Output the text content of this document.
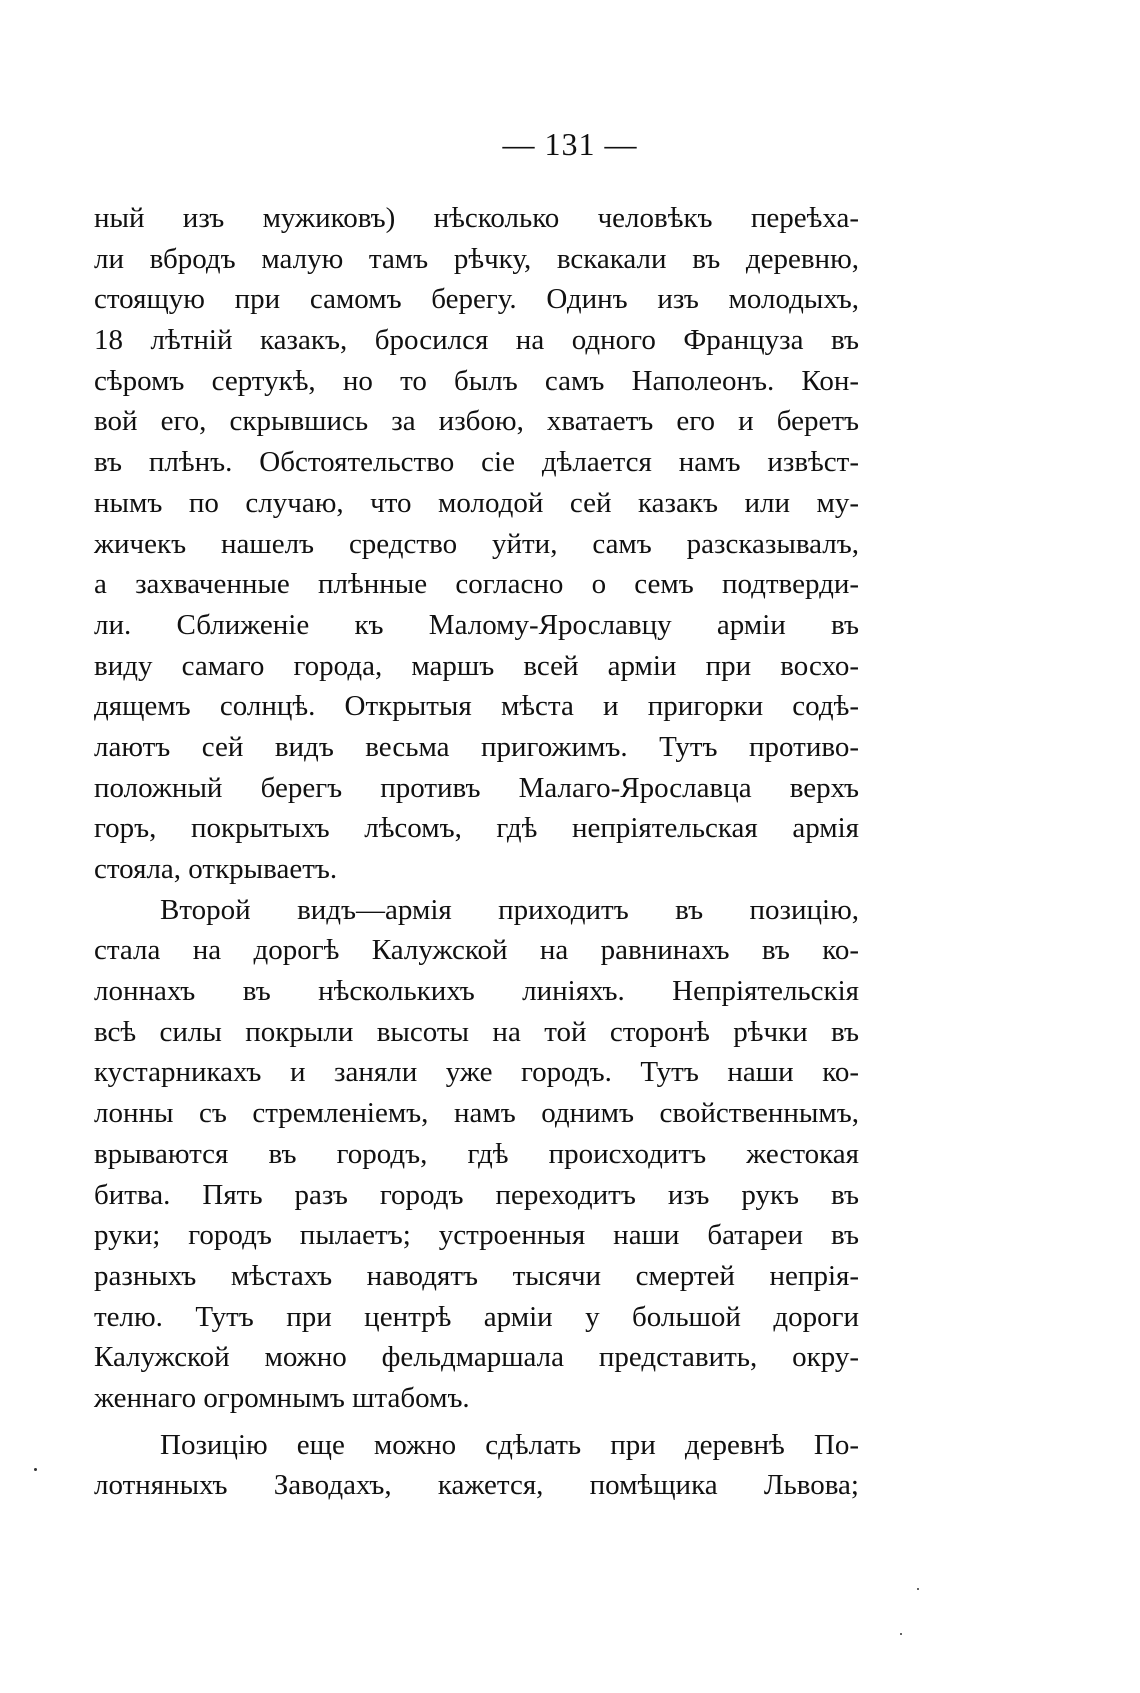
— 131 —
ный изъ мужиковъ) нѣсколько человѣкъ переѣха-
ли вбродъ малую тамъ рѣчку, вскакали въ деревню,
стоящую при самомъ берегу. Одинъ изъ молодыхъ,
18 лѣтній казакъ, бросился на одного Француза въ
сѣромъ сертукѣ, но то былъ самъ Наполеонъ. Кон-
вой его, скрывшись за избою, хватаетъ его и беретъ
въ плѣнъ. Обстоятельство сіе дѣлается намъ извѣст-
нымъ по случаю, что молодой сей казакъ или му-
жичекъ нашелъ средство уйти, самъ разсказывалъ,
а захваченные плѣнные согласно о семъ подтверди-
ли. Сближеніе къ Малому-Ярославцу арміи въ
виду самаго города, маршъ всей арміи при восхо-
дящемъ солнцѣ. Открытыя мѣста и пригорки содѣ-
лаютъ сей видъ весьма пригожимъ. Тутъ противо-
положный берегъ противъ Малаго-Ярославца верхъ
горъ, покрытыхъ лѣсомъ, гдѣ непріятельская армія
стояла, открываетъ.
Второй видъ—армія приходитъ въ позицію,
стала на дорогѣ Калужской на равнинахъ въ ко-
лоннахъ въ нѣсколькихъ линіяхъ. Непріятельскія
всѣ силы покрыли высоты на той сторонѣ рѣчки въ
кустарникахъ и заняли уже городъ. Тутъ наши ко-
лонны съ стремленіемъ, намъ однимъ свойственнымъ,
врываются въ городъ, гдѣ происходитъ жестокая
битва. Пять разъ городъ переходитъ изъ рукъ въ
руки; городъ пылаетъ; устроенныя наши батареи въ
разныхъ мѣстахъ наводятъ тысячи смертей непрія-
телю. Тутъ при центрѣ арміи у большой дороги
Калужской можно фельдмаршала представить, окру-
женнаго огромнымъ штабомъ.
Позицію еще можно сдѣлать при деревнѣ По-
лотняныхъ Заводахъ, кажется, помѣщика Львова;
